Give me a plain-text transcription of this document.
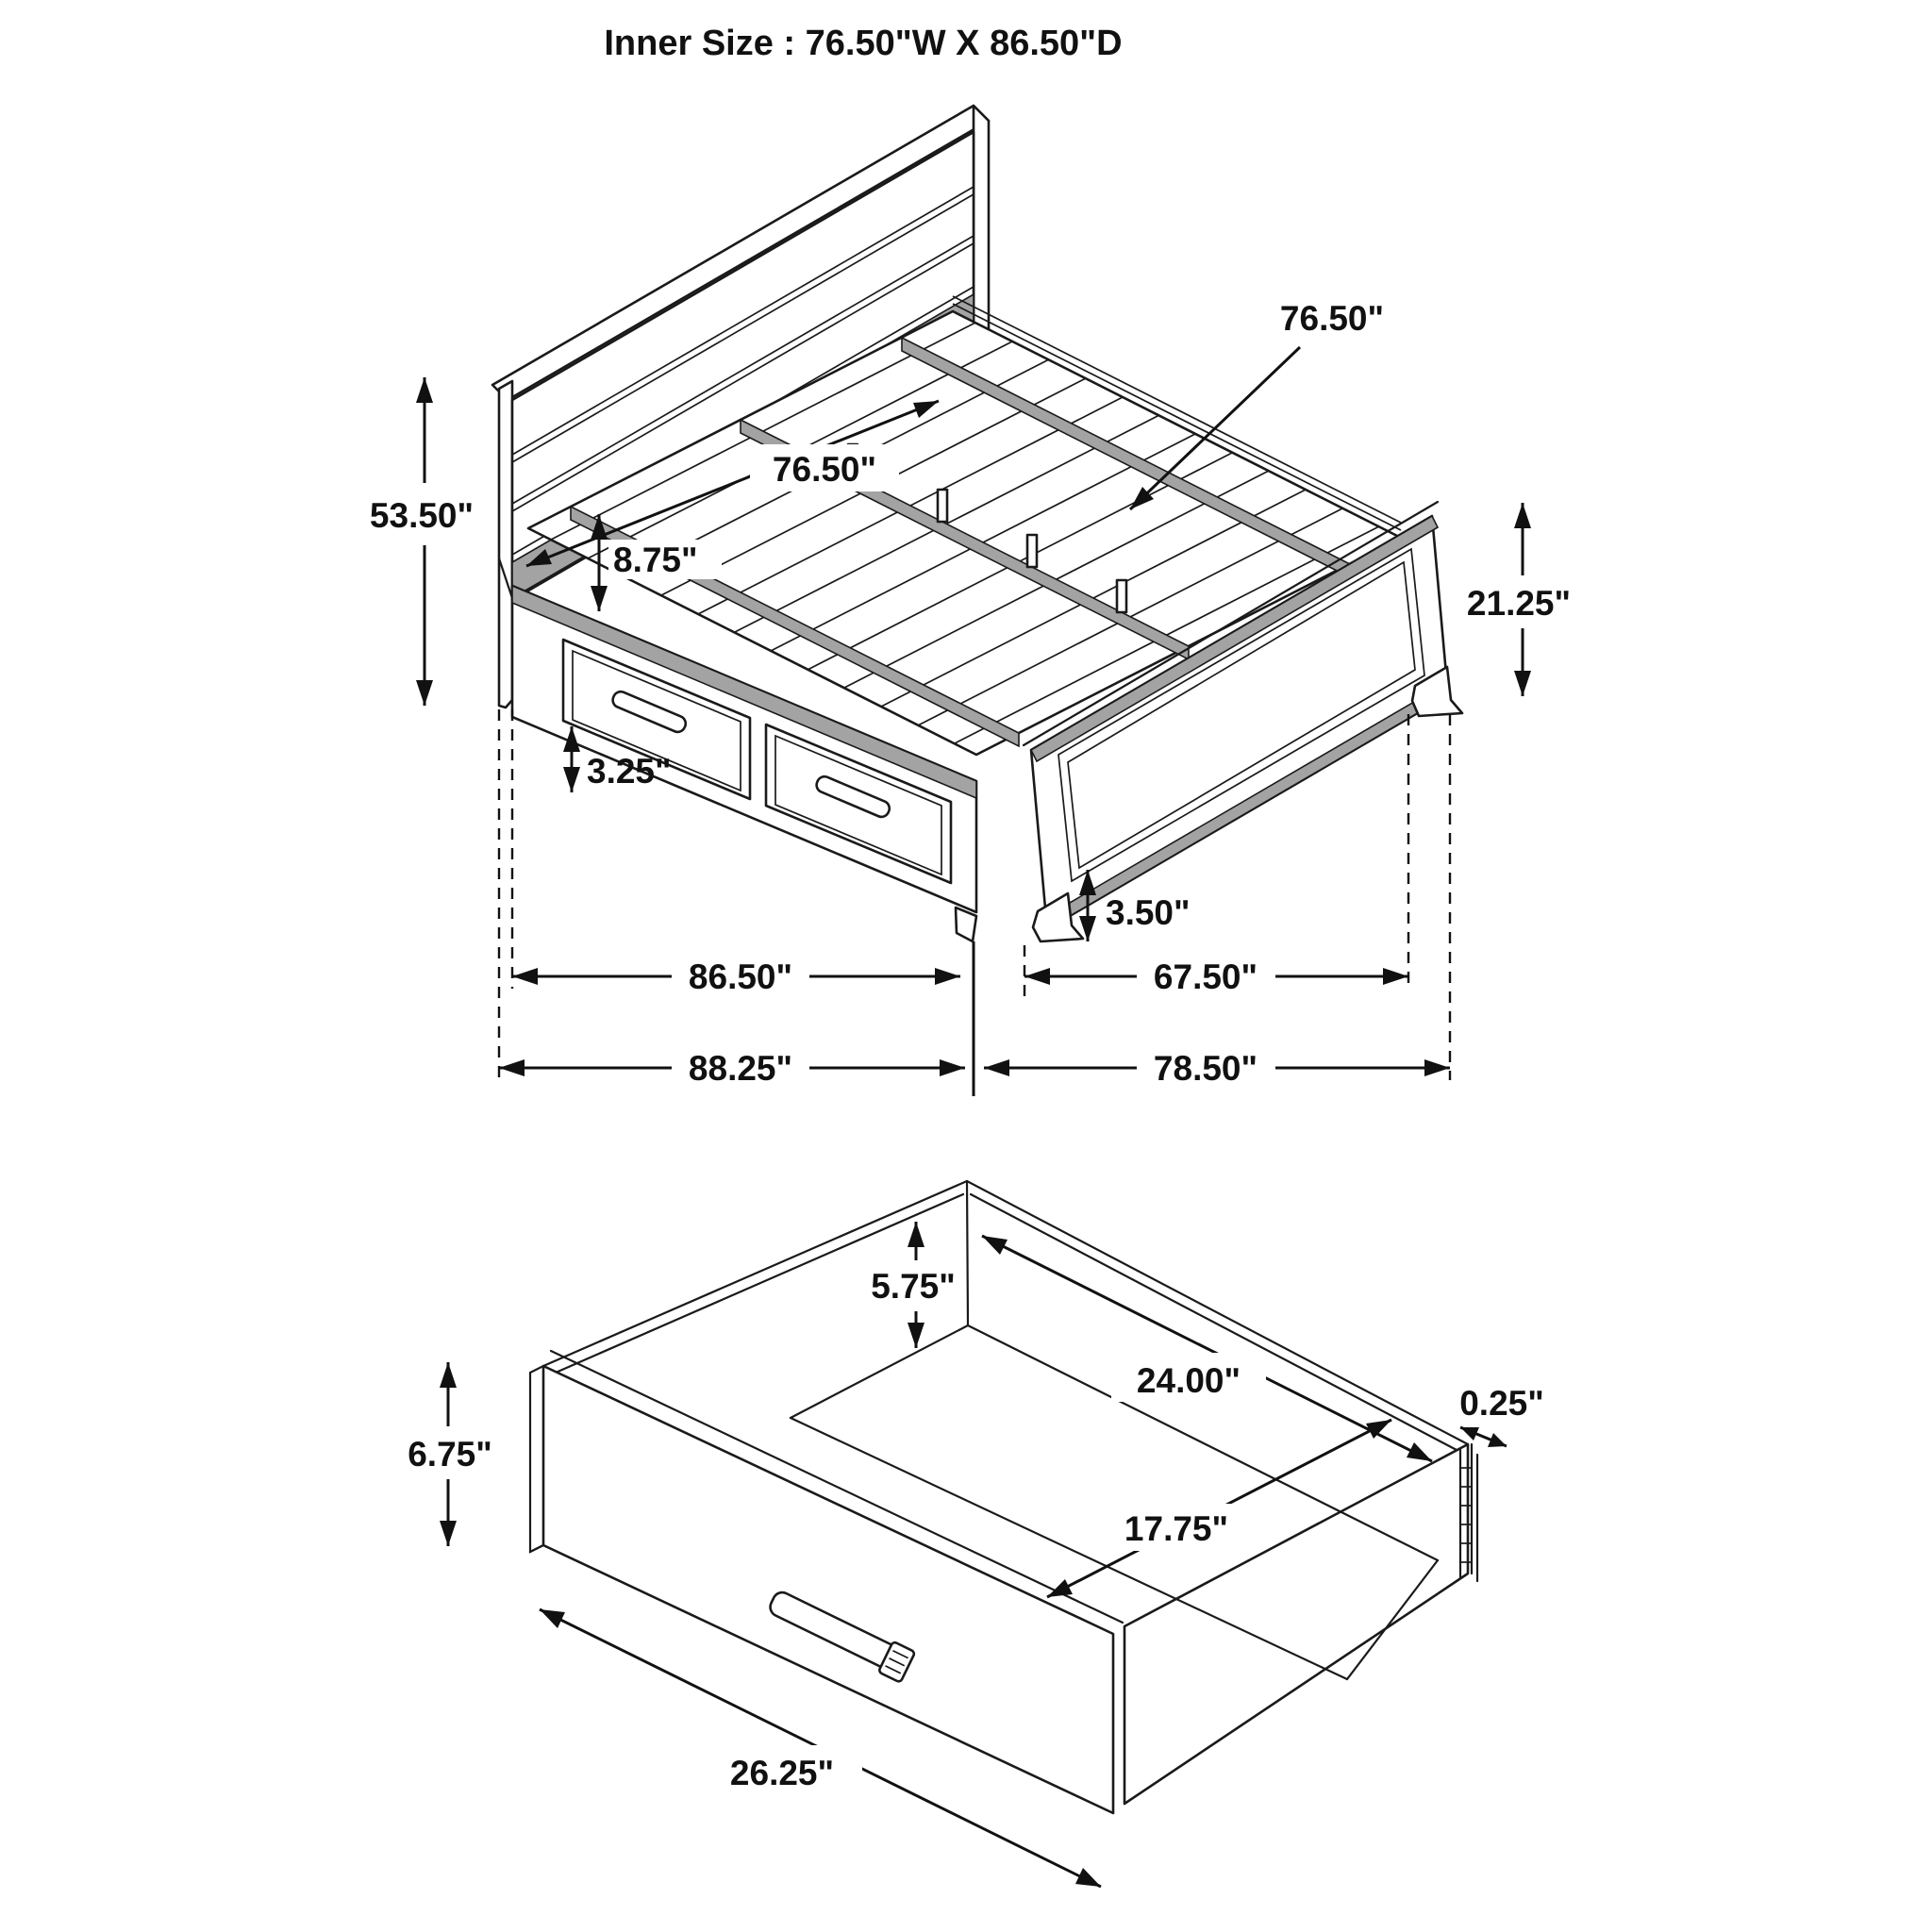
Inner Size : 76.50"W X 86.50"D
53.50"
76.50"
8.75"
76.50"
21.25"
3.25"
3.50"
86.50"	67.50"
88.25"	78.50"
5.75"
24.00"
0.25"
17.75"
6.75"
26.25"
